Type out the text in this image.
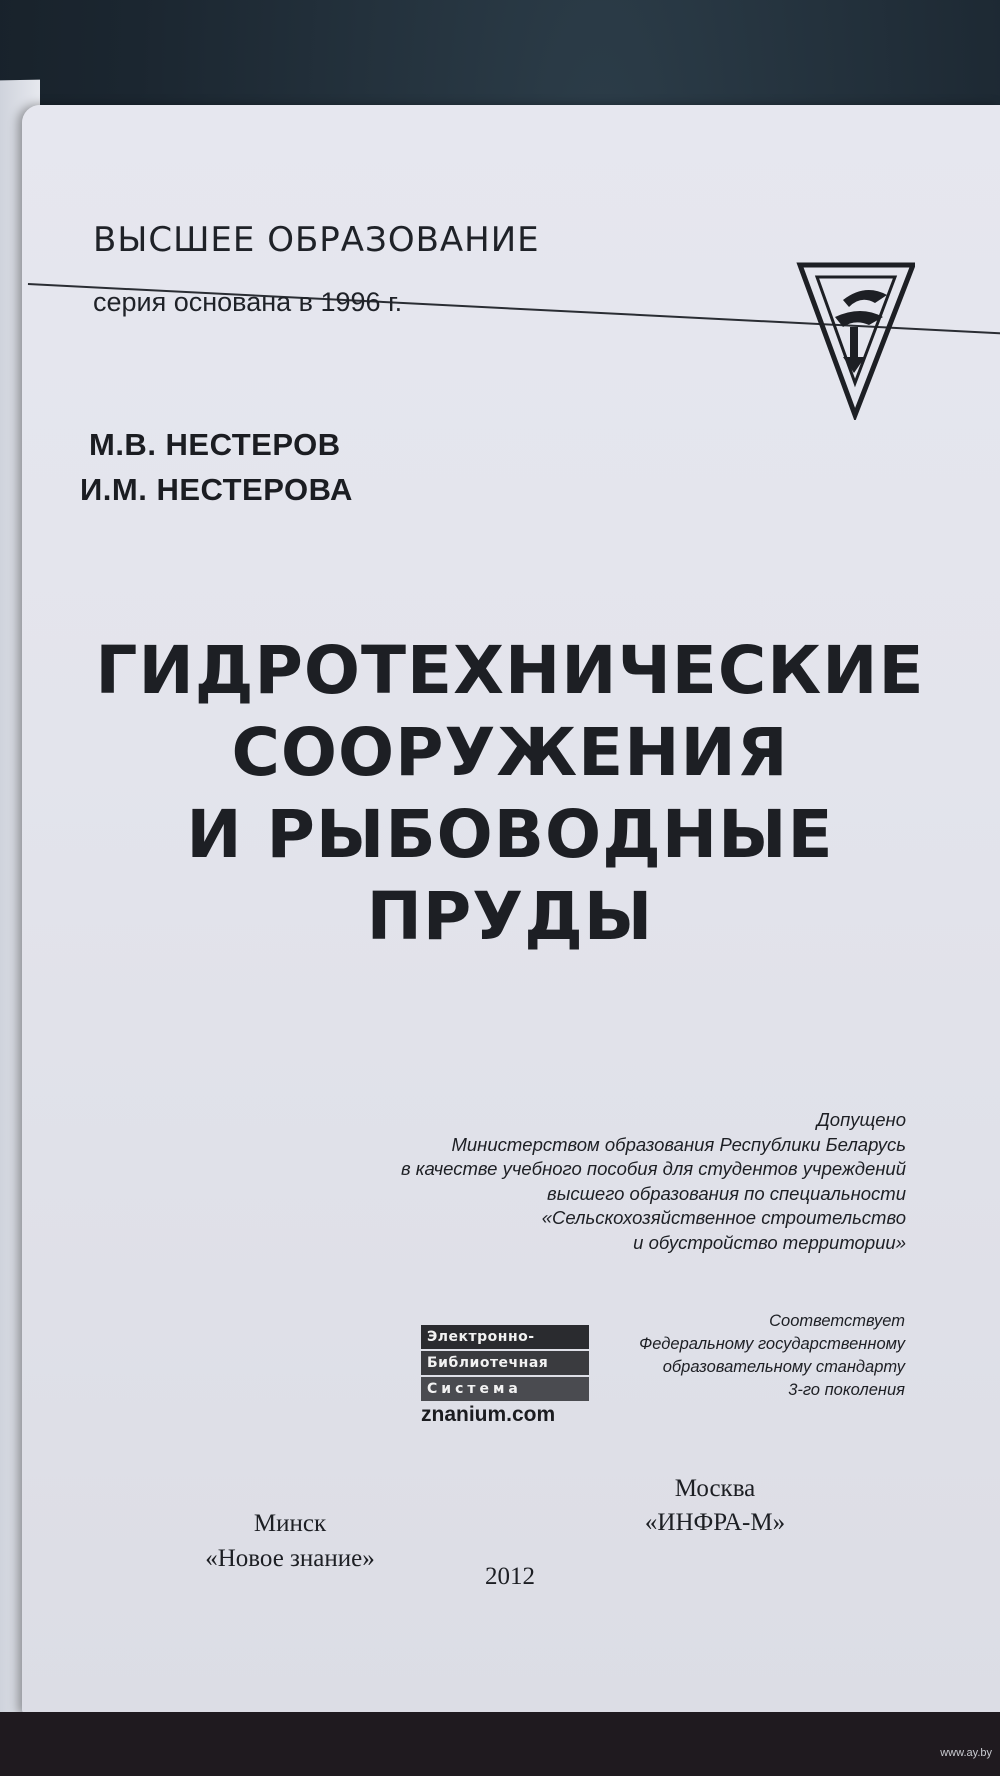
ВЫСШЕЕ ОБРАЗОВАНИЕ
серия основана в 1996 г.
М.В. НЕСТЕРОВ
И.М. НЕСТЕРОВА
ГИДРОТЕХНИЧЕСКИЕ
СООРУЖЕНИЯ
И РЫБОВОДНЫЕ ПРУДЫ
Допущено
Министерством образования Республики Беларусь
в качестве учебного пособия для студентов учреждений
высшего образования по специальности
«Сельскохозяйственное строительство
и обустройство территории»
Электронно-
Библиотечная
Система
znanium.com
Соответствует
Федеральному государственному
образовательному стандарту
3-го поколения
Минск
«Новое знание»
Москва
«ИНФРА-М»
2012
www.ay.by
